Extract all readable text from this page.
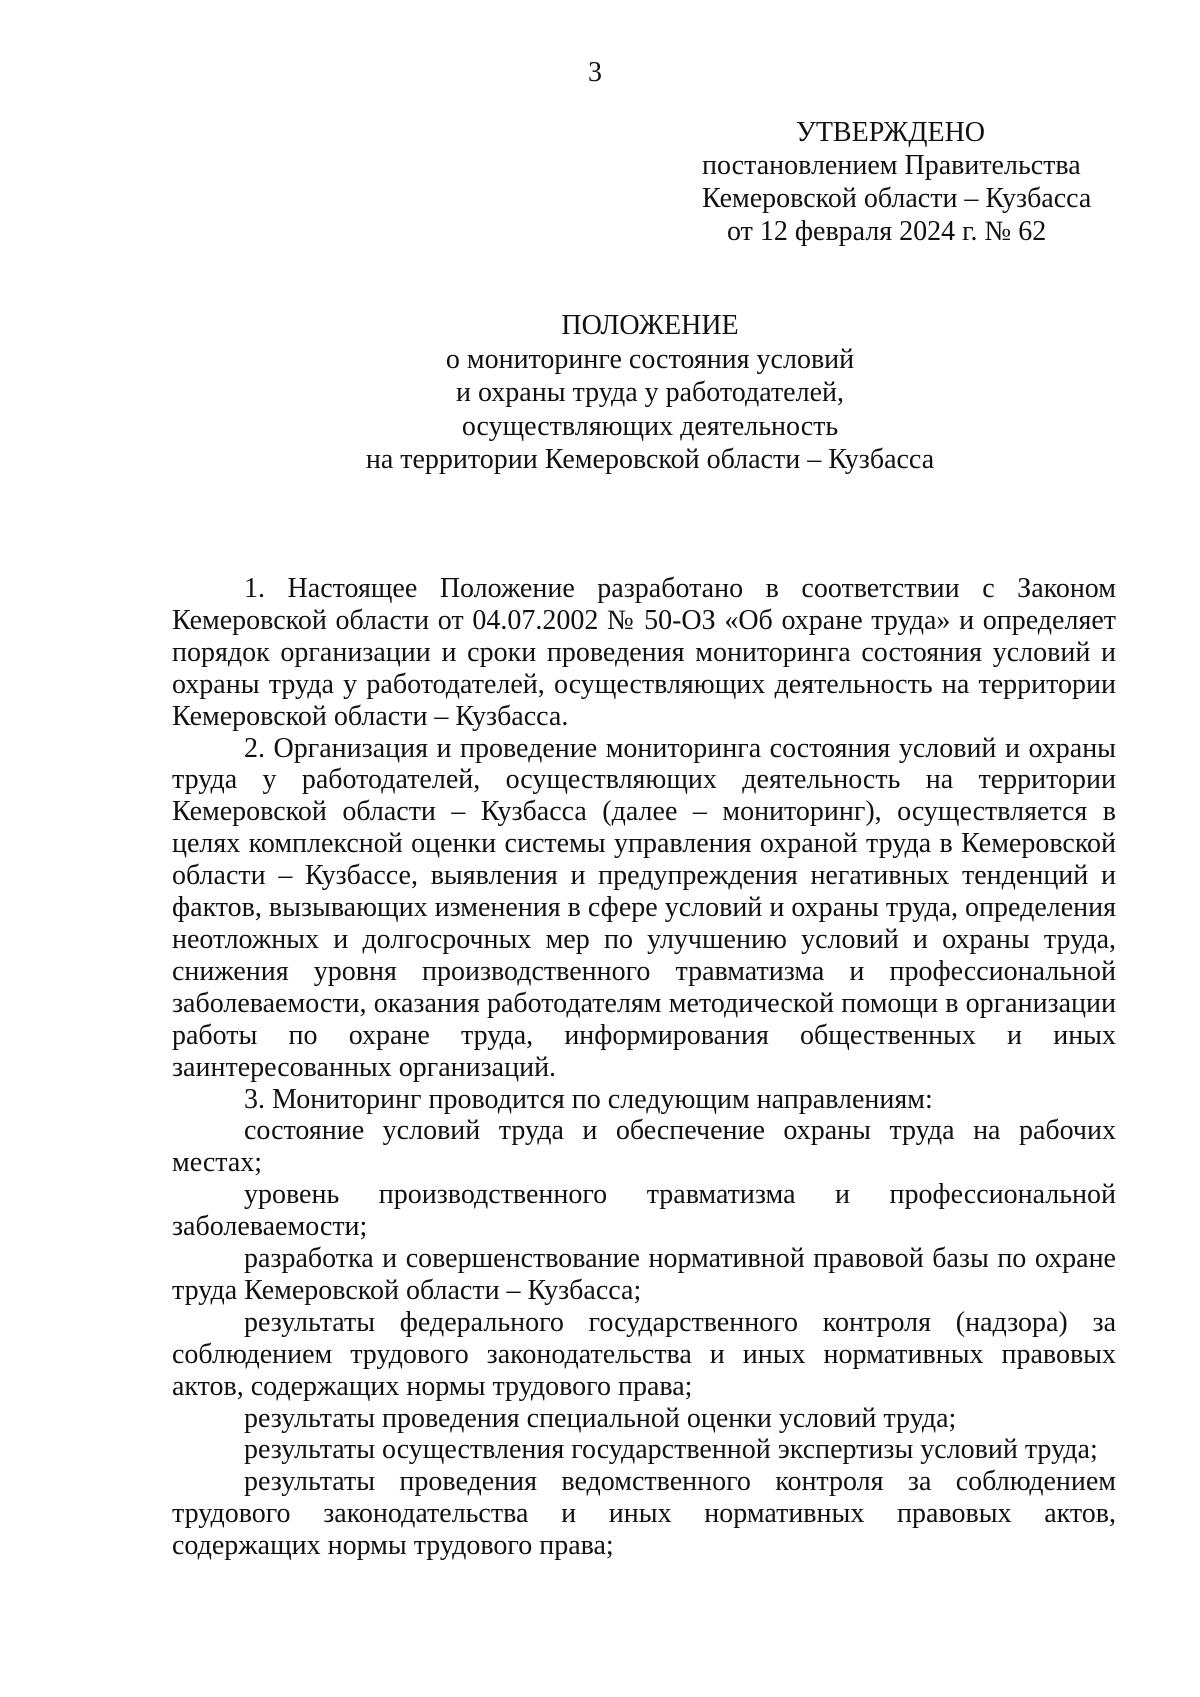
3
УТВЕРЖДЕНО
постановлением Правительства
Кемеровской области – Кузбасса
от 12 февраля 2024 г. № 62
ПОЛОЖЕНИЕ
о мониторинге состояния условий
и охраны труда у работодателей,
осуществляющих деятельность
на территории Кемеровской области – Кузбасса

1. Настоящее Положение разработано в соответствии с Законом Кемеровской области от 04.07.2002 № 50-ОЗ «Об охране труда» и определяет порядок организации и сроки проведения мониторинга состояния условий и охраны труда у работодателей, осуществляющих деятельность на территории Кемеровской области – Кузбасса.

2. Организация и проведение мониторинга состояния условий и охраны труда у работодателей, осуществляющих деятельность на территории Кемеровской области – Кузбасса (далее – мониторинг), осуществляется в целях комплексной оценки системы управления охраной труда в Кемеровской области – Кузбассе, выявления и предупреждения негативных тенденций и фактов, вызывающих изменения в сфере условий и охраны труда, определения неотложных и долгосрочных мер по улучшению условий и охраны труда, снижения уровня производственного травматизма и профессиональной заболеваемости, оказания работодателям методической помощи в организации работы по охране труда, информирования общественных и иных заинтересованных организаций.

3. Мониторинг проводится по следующим направлениям:

состояние условий труда и обеспечение охраны труда на рабочих местах;

уровень производственного травматизма и профессиональной заболеваемости;

разработка и совершенствование нормативной правовой базы по охране труда Кемеровской области – Кузбасса;

результаты федерального государственного контроля (надзора) за соблюдением трудового законодательства и иных нормативных правовых актов, содержащих нормы трудового права;

результаты проведения специальной оценки условий труда;

результаты осуществления государственной экспертизы условий труда;

результаты проведения ведомственного контроля за соблюдением трудового законодательства и иных нормативных правовых актов, содержащих нормы трудового права;
